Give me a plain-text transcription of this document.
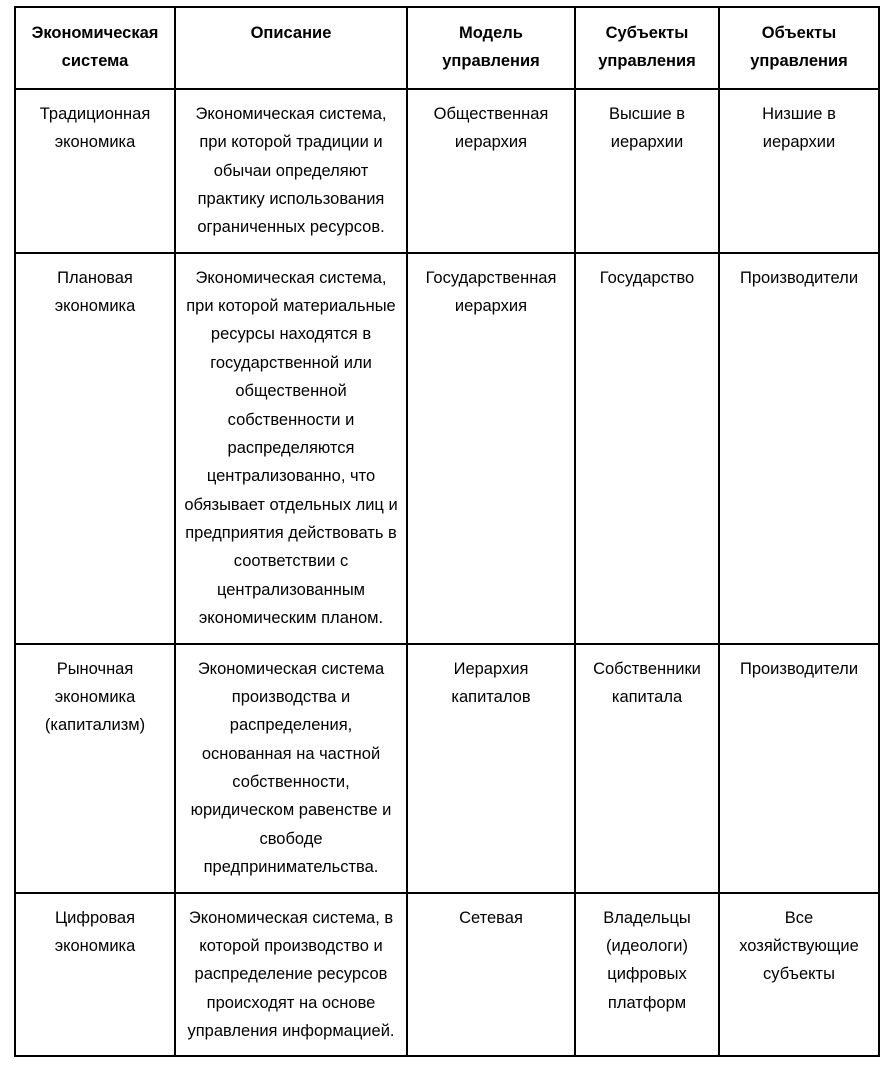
Экономическая система	Описание	Модель управления	Субъекты управления	Объекты управления
Традиционная экономика	Экономическая система, при которой традиции и обычаи определяют практику использования ограниченных ресурсов.	Общественная иерархия	Высшие в иерархии	Низшие в иерархии
Плановая экономика	Экономическая система, при которой материальные ресурсы находятся в государственной или общественной собственности и распределяются централизованно, что обязывает отдельных лиц и предприятия действовать в соответствии с централизованным экономическим планом.	Государственная иерархия	Государство	Производители
Рыночная экономика (капитализм)	Экономическая система производства и распределения, основанная на частной собственности, юридическом равенстве и свободе предпринимательства.	Иерархия капиталов	Собственники капитала	Производители
Цифровая экономика	Экономическая система, в которой производство и распределение ресурсов происходят на основе управления информацией.	Сетевая	Владельцы (идеологи) цифровых платформ	Все хозяйствующие субъекты
